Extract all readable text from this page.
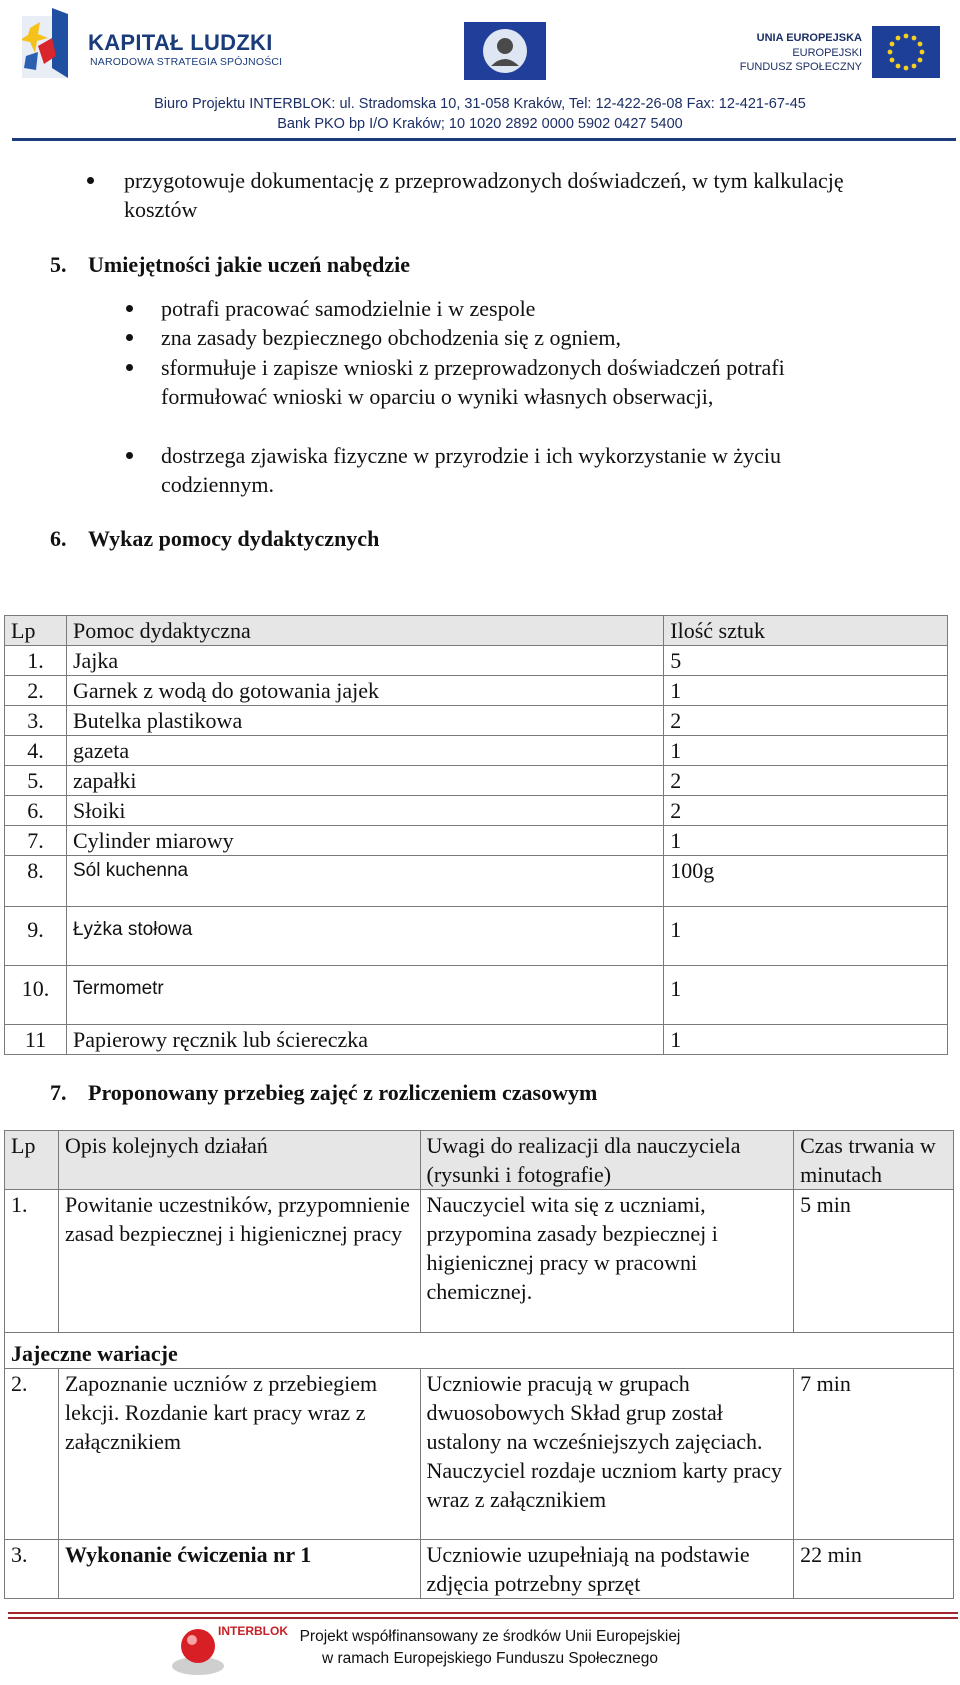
KAPITAŁ LUDZKI
NARODOWA STRATEGIA SPÓJNOŚCI
UNIA EUROPEJSKA
EUROPEJSKI
FUNDUSZ SPOŁECZNY
Biuro Projektu INTERBLOK: ul. Stradomska 10, 31-058 Kraków, Tel: 12-422-26-08 Fax: 12-421-67-45
Bank PKO bp I/O Kraków; 10 1020 2892 0000 5902 0427 5400
przygotowuje dokumentację z przeprowadzonych doświadczeń, w tym kalkulację
kosztów
5. Umiejętności jakie uczeń nabędzie
potrafi pracować samodzielnie i w zespole
zna zasady bezpiecznego obchodzenia się z ogniem,
sformułuje i zapisze wnioski z przeprowadzonych doświadczeń potrafi
formułować wnioski w oparciu o wyniki własnych obserwacji,
dostrzega zjawiska fizyczne w przyrodzie i ich wykorzystanie w życiu
codziennym.
6. Wykaz pomocy dydaktycznych
Lp	Pomoc dydaktyczna	Ilość sztuk
1.	Jajka	5
2.	Garnek z wodą do gotowania jajek	1
3.	Butelka plastikowa	2
4.	gazeta	1
5.	zapałki	2
6.	Słoiki	2
7.	Cylinder miarowy	1
8.	Sól kuchenna	100g
9.	Łyżka stołowa	1
10.	Termometr	1
11	Papierowy ręcznik lub ściereczka	1
7. Proponowany przebieg zajęć z rozliczeniem czasowym
Lp	Opis kolejnych działań	Uwagi do realizacji dla nauczyciela (rysunki i fotografie)	Czas trwania w minutach
1.	Powitanie uczestników, przypomnienie zasad bezpiecznej i higienicznej pracy	Nauczyciel wita się z uczniami, przypomina zasady bezpiecznej i higienicznej pracy w pracowni chemicznej.	5 min
Jajeczne wariacje			
2.	Zapoznanie uczniów z przebiegiem lekcji. Rozdanie kart pracy wraz z załącznikiem	Uczniowie pracują w grupach dwuosobowych Skład grup został ustalony na wcześniejszych zajęciach. Nauczyciel rozdaje uczniom karty pracy wraz z załącznikiem	7 min
3.	Wykonanie ćwiczenia nr 1	Uczniowie uzupełniają na podstawie zdjęcia potrzebny sprzęt	22 min
INTERBLOK Projekt współfinansowany ze środków Unii Europejskiej
w ramach Europejskiego Funduszu Społecznego
